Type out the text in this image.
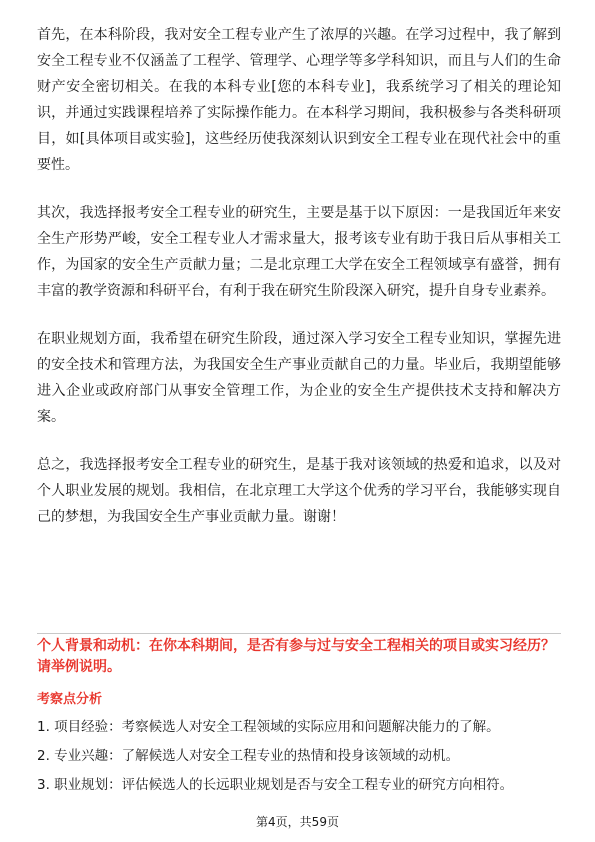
首先，在本科阶段，我对安全工程专业产生了浓厚的兴趣。在学习过程中，我了解到安全工程专业不仅涵盖了工程学、管理学、心理学等多学科知识，而且与人们的生命财产安全密切相关。在我的本科专业[您的本科专业]，我系统学习了相关的理论知识，并通过实践课程培养了实际操作能力。在本科学习期间，我积极参与各类科研项目，如[具体项目或实验]，这些经历使我深刻认识到安全工程专业在现代社会中的重要性。

其次，我选择报考安全工程专业的研究生，主要是基于以下原因：一是我国近年来安全生产形势严峻，安全工程专业人才需求量大，报考该专业有助于我日后从事相关工作，为国家的安全生产贡献力量；二是北京理工大学在安全工程领域享有盛誉，拥有丰富的教学资源和科研平台，有利于我在研究生阶段深入研究，提升自身专业素养。

在职业规划方面，我希望在研究生阶段，通过深入学习安全工程专业知识，掌握先进的安全技术和管理方法，为我国安全生产事业贡献自己的力量。毕业后，我期望能够进入企业或政府部门从事安全管理工作，为企业的安全生产提供技术支持和解决方案。

总之，我选择报考安全工程专业的研究生，是基于我对该领域的热爱和追求，以及对个人职业发展的规划。我相信，在北京理工大学这个优秀的学习平台，我能够实现自己的梦想，为我国安全生产事业贡献力量。谢谢！

个人背景和动机：在你本科期间，是否有参与过与安全工程相关的项目或实习经历？请举例说明。

考察点分析

1. 项目经验：考察候选人对安全工程领域的实际应用和问题解决能力的了解。
2. 专业兴趣：了解候选人对安全工程专业的热情和投身该领域的动机。
3. 职业规划：评估候选人的长远职业规划是否与安全工程专业的研究方向相符。
第4页，共59页
